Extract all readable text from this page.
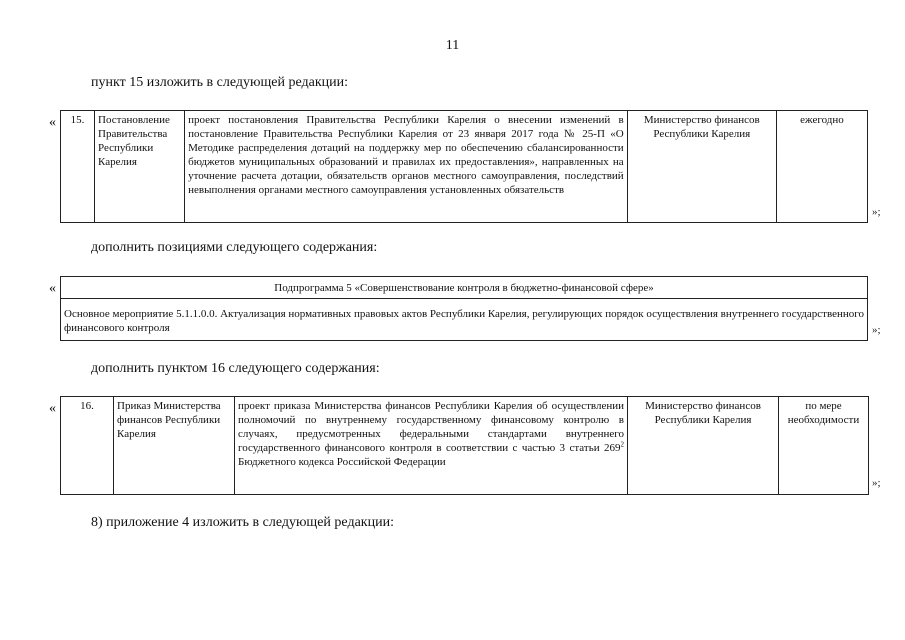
11
пункт 15 изложить в следующей редакции:
« 15.	Постановление Правительства Республики Карелия	проект постановления Правительства Республики Карелия о внесении изменений в постановление Правительства Республики Карелия от 23 января 2017 года № 25-П «О Методике распределения дотаций на поддержку мер по обеспечению сбалансированности бюджетов муниципальных образований и правилах их предоставления», направленных на уточнение расчета дотации, обязательств органов местного самоуправления, последствий невыполнения органами местного самоуправления установленных обязательств	Министерство финансов Республики Карелия	ежегодно
»;
дополнить позициями следующего содержания:
«	Подпрограмма 5 «Совершенствование контроля в бюджетно-финансовой сфере»
Основное мероприятие 5.1.1.0.0. Актуализация нормативных правовых актов Республики Карелия, регулирующих порядок осуществления внутреннего государственного финансового контроля	»;
дополнить пунктом 16 следующего содержания:
« 16.	Приказ Министерства финансов Республики Карелия	проект приказа Министерства финансов Республики Карелия об осуществлении полномочий по внутреннему государственному финансовому контролю в случаях, предусмотренных федеральными стандартами внутреннего государственного финансового контроля в соответствии с частью 3 статьи $269^2$ Бюджетного кодекса Российской Федерации	Министерство финансов Республики Карелия	по мере необходимости
»;
8) приложение 4 изложить в следующей редакции:
